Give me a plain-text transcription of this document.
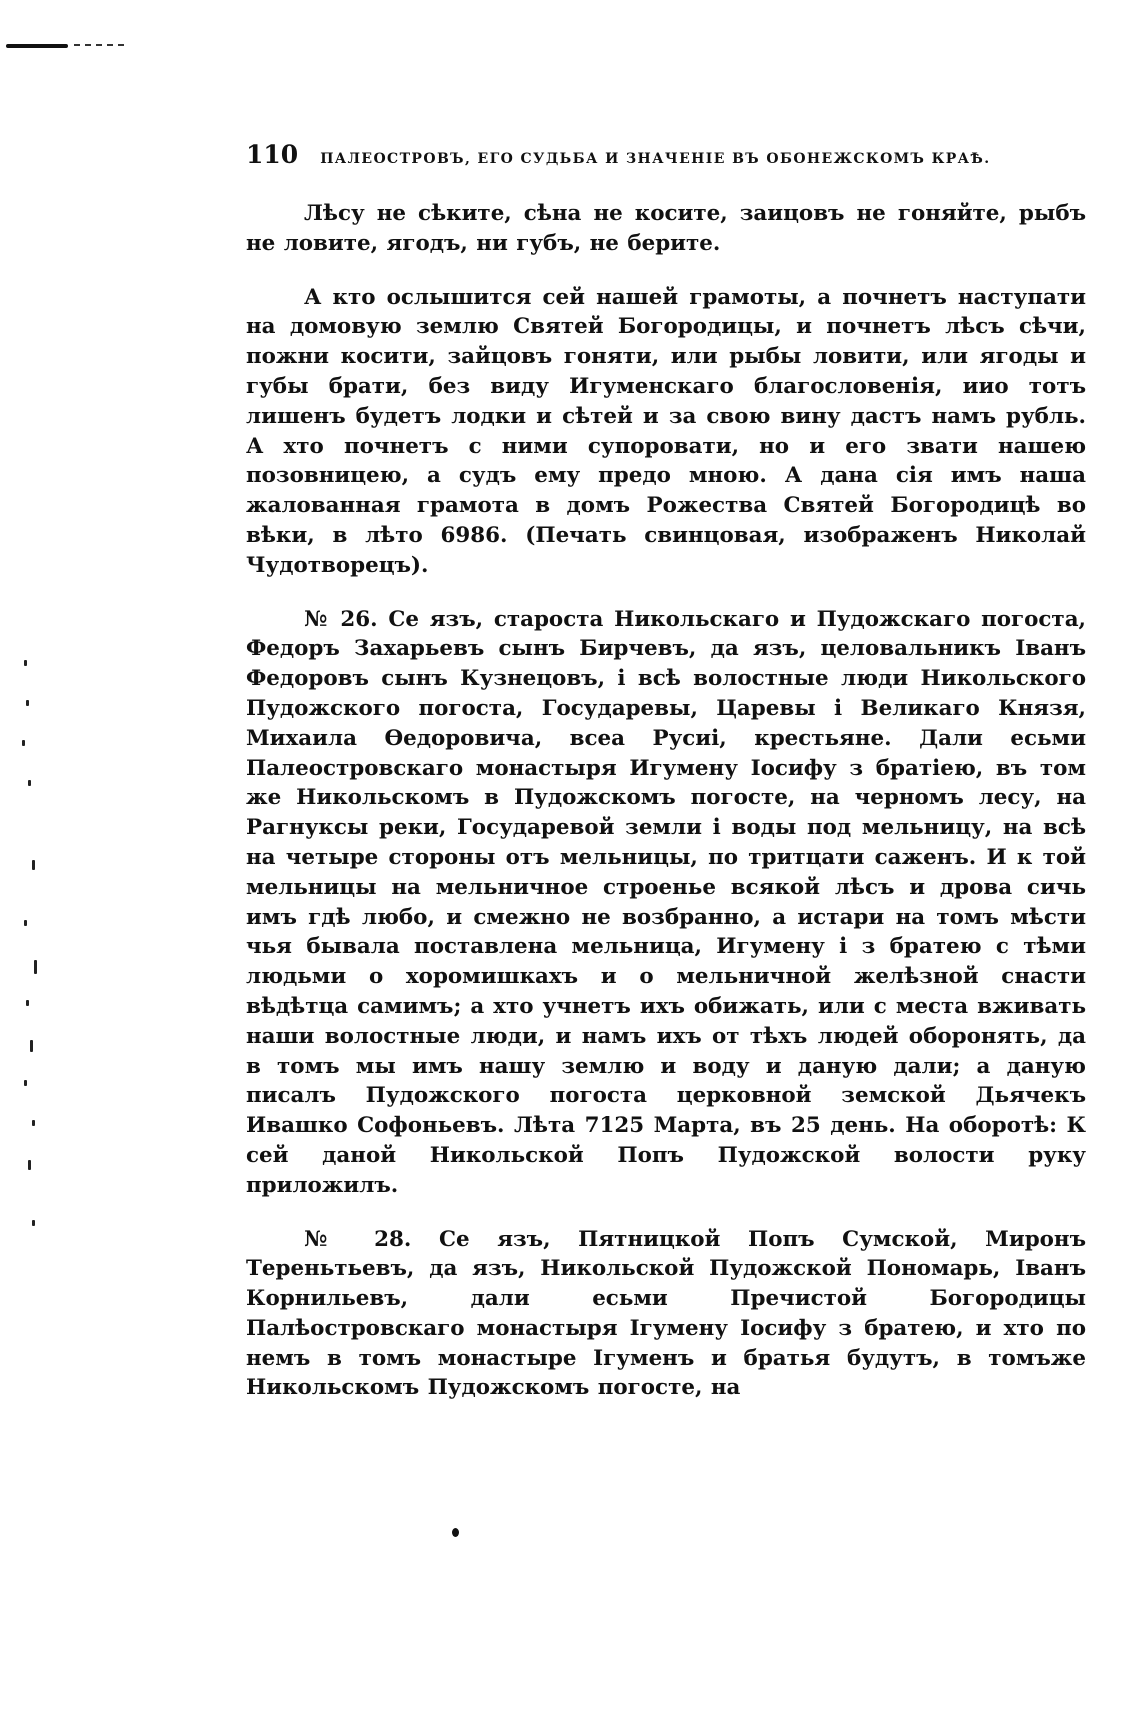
110 ПАЛЕОСТРОВЪ, ЕГО СУДЬБА И ЗНАЧЕНІЕ ВЪ ОБОНЕЖСКОМЪ КРАѢ.

Лѣсу не сѣките, сѣна не косите, заицовъ не гоняйте, рыбъ не ловите, ягодъ, ни губъ, не берите.

А кто ослышится сей нашей грамоты, а почнетъ наступати на домовую землю Святей Богородицы, и почнетъ лѣсъ сѣчи, пожни косити, зайцовъ гоняти, или рыбы ловити, или ягоды и губы брати, без виду Игуменскаго благословенія, иио тотъ лишенъ будетъ лодки и сѣтей и за свою вину дастъ намъ рубль. А хто почнетъ с ними супоровати, но и его звати нашею позовницею, а судъ ему предо мною. А дана сія имъ наша жалованная грамота в домъ Рожества Святей Богородицѣ во вѣки, в лѣто 6986. (Печать свинцовая, изображенъ Николай Чудотворецъ).

№ 26. Се язъ, староста Никольскаго и Пудожскаго погоста, Федоръ Захарьевъ сынъ Бирчевъ, да язъ, целовальникъ Іванъ Федоровъ сынъ Кузнецовъ, і всѣ волостные люди Никольского Пудожского погоста, Государевы, Царевы і Великаго Князя, Михаила Өедоровича, всеа Русиі, крестьяне. Дали есьми Палеостровскаго монастыря Игумену Іосифу з братіею, въ том же Никольскомъ в Пудожскомъ погосте, на черномъ лесу, на Рагнуксы реки, Государевой земли і воды под мельницу, на всѣ на четыре стороны отъ мельницы, по тритцати саженъ. И к той мельницы на мельничное строенье всякой лѣсъ и дрова сичь имъ гдѣ любо, и смежно не возбранно, а истари на томъ мѣсти чья бывала поставлена мельница, Игумену і з братею с тѣми людьми о хоромишкахъ и о мельничной желѣзной снасти вѣдѣтца самимъ; а хто учнетъ ихъ обижать, или с места вживать наши волостные люди, и намъ ихъ от тѣхъ людей оборонять, да в томъ мы имъ нашу землю и воду и даную дали; а даную писалъ Пудожского погоста церковной земской Дьячекъ Ивашко Софоньевъ. Лѣта 7125 Марта, въ 25 день. На оборотѣ: К сей даной Никольской Попъ Пудожской волости руку приложилъ.

№ 28. Се язъ, Пятницкой Попъ Сумской, Миронъ Тереньтьевъ, да язъ, Никольской Пудожской Пономарь, Іванъ Корнильевъ, дали есьми Пречистой Богородицы Палѣостровскаго монастыря Ігумену Іосифу з братею, и хто по немъ в томъ монастыре Ігуменъ и братья будутъ, в томъже Никольскомъ Пудожскомъ погосте, на
